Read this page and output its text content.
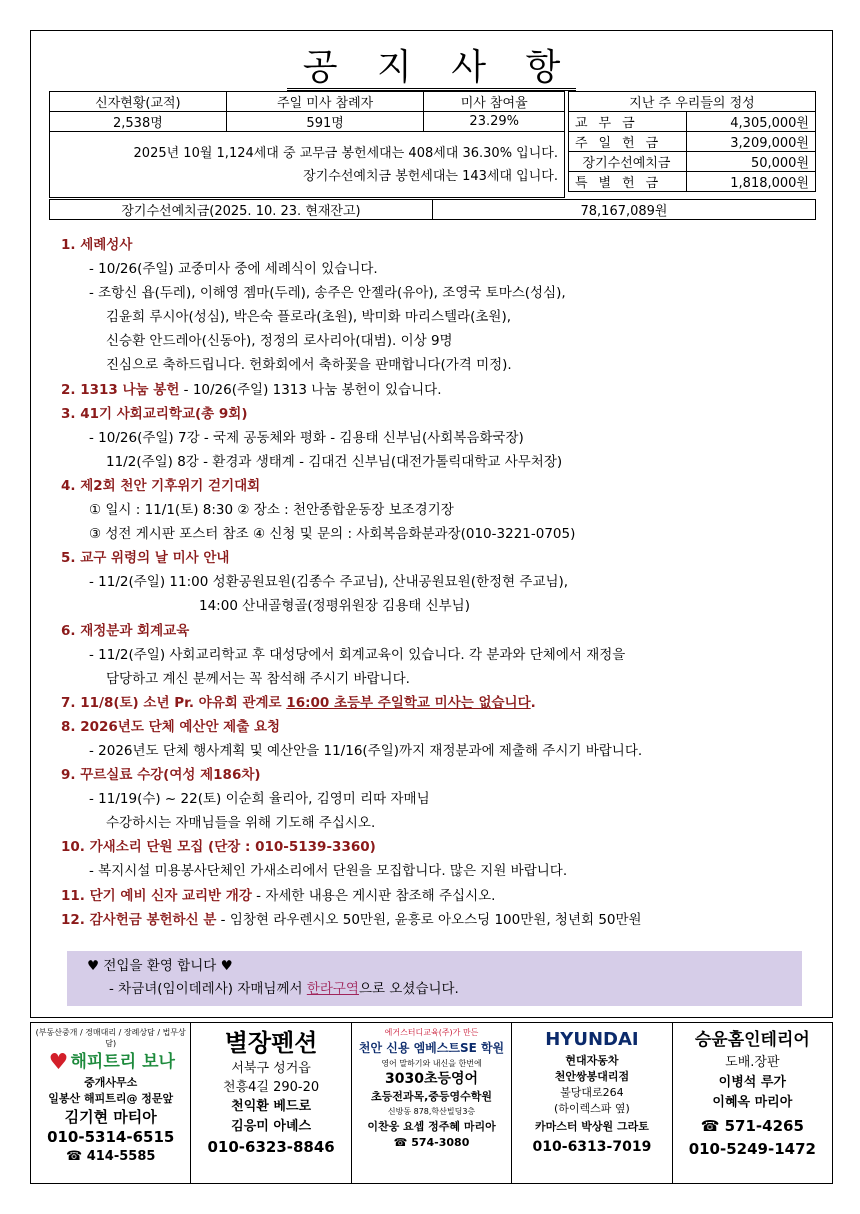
공 지 사 항
신자현황(교적)	주일 미사 참례자	미사 참여율
2,538명	591명	23.29%

2025년 10월 1,124세대 중 교무금 봉헌세대는 408세대 36.30% 입니다.
장기수선예치금 봉헌세대는 143세대 입니다.		
지난 주 우리들의 정성	
교무금	4,305,000원
주일헌금	3,209,000원
장기수선예치금	50,000원
특별헌금	1,818,000원
장기수선예치금(2025. 10. 23. 현재잔고)	78,167,089원
1. 세례성사
- 10/26(주일) 교중미사 중에 세례식이 있습니다.
- 조항신 욥(두레), 이해영 젬마(두레), 송주은 안젤라(유아), 조영국 토마스(성심),
김윤희 루시아(성심), 박은숙 플로라(초원), 박미화 마리스텔라(초원),
신승환 안드레아(신동아), 정정의 로사리아(대범). 이상 9명
진심으로 축하드립니다. 헌화회에서 축하꽃을 판매합니다(가격 미정).
2. 1313 나눔 봉헌 - 10/26(주일) 1313 나눔 봉헌이 있습니다.
3. 41기 사회교리학교(총 9회)
- 10/26(주일) 7강 - 국제 공동체와 평화 - 김용태 신부님(사회복음화국장)
11/2(주일) 8강 - 환경과 생태계 - 김대건 신부님(대전가톨릭대학교 사무처장)
4. 제2회 천안 기후위기 걷기대회
① 일시 : 11/1(토) 8:30 ② 장소 : 천안종합운동장 보조경기장
③ 성전 게시판 포스터 참조 ④ 신청 및 문의 : 사회복음화분과장(010-3221-0705)
5. 교구 위령의 날 미사 안내
- 11/2(주일) 11:00 성환공원묘원(김종수 주교님), 산내공원묘원(한정현 주교님),
14:00 산내골형골(정평위원장 김용태 신부님)
6. 재정분과 회계교육
- 11/2(주일) 사회교리학교 후 대성당에서 회계교육이 있습니다. 각 분과와 단체에서 재정을
담당하고 계신 분께서는 꼭 참석해 주시기 바랍니다.
7. 11/8(토) 소년 Pr. 야유회 관계로 16:00 초등부 주일학교 미사는 없습니다.
8. 2026년도 단체 예산안 제출 요청
- 2026년도 단체 행사계획 및 예산안을 11/16(주일)까지 재정분과에 제출해 주시기 바랍니다.
9. 꾸르실료 수강(여성 제186차)
- 11/19(수) ~ 22(토) 이순희 율리아, 김영미 리따 자매님
수강하시는 자매님들을 위해 기도해 주십시오.
10. 가새소리 단원 모집 (단장 : 010-5139-3360)
- 복지시설 미용봉사단체인 가새소리에서 단원을 모집합니다. 많은 지원 바랍니다.
11. 단기 예비 신자 교리반 개강 - 자세한 내용은 게시판 참조해 주십시오.
12. 감사헌금 봉헌하신 분 - 임창현 라우렌시오 50만원, 윤흥로 아오스딩 100만원, 청년회 50만원
♥ 전입을 환영 합니다 ♥
- 차금녀(임이데레사) 자매님께서 한라구역으로 오셨습니다.
(부동산중개 / 경매대리 / 장례상담 / 법무상담)
♥ 해피트리 보나
중개사무소
일봉산 해피트리@ 정문앞
김기현 마티아
010-5314-6515
☎ 414-5585
별장펜션
서북구 성거읍
천흥4길 290-20
천익환 베드로
김응미 아녜스
010-6323-8846
에거스터디교육(주)가 만든
천안 신용 엠베스트SE 학원
영어 말하기와 내신을 한번에
3030초등영어
초등전과목,중등영수학원
신방동 878,학산빌딩3층
이찬웅 요셉 정주혜 마리아
☎ 574-3080
HYUNDAI
현대자동차
천안쌍봉대리점
불당대로264
(하이렉스파 옆)
카마스터 박상원 그라토
010-6313-7019
승윤홈인테리어
도배.장판
이병석 루가
이혜옥 마리아
☎ 571-4265
010-5249-1472
